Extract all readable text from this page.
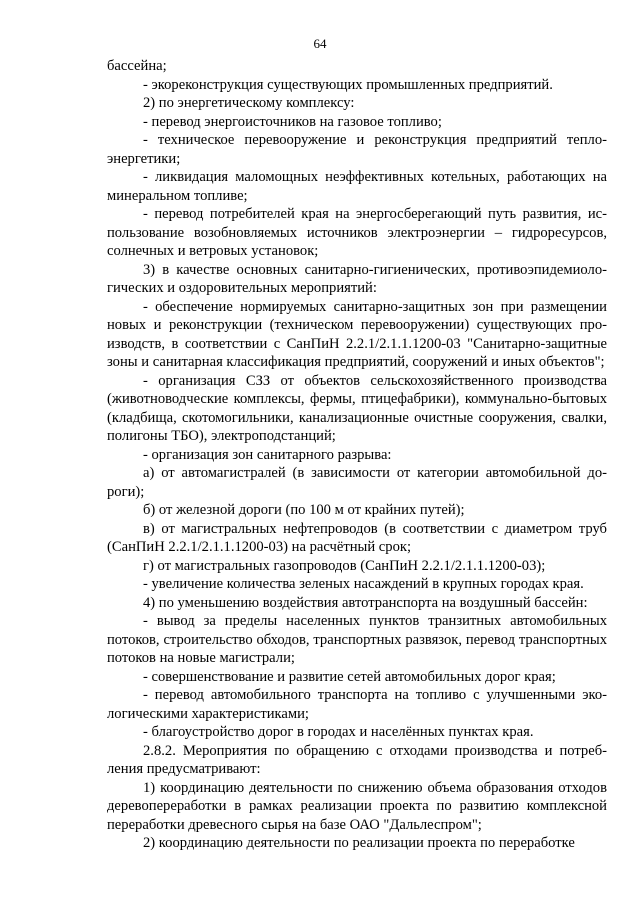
64

бассейна;

- экореконструкция существующих промышленных предприятий.

2) по энергетическому комплексу:

- перевод энергоисточников на газовое топливо;

- техническое перевооружение и реконструкция предприятий теплоэнергетики;

- ликвидация маломощных неэффективных котельных, работающих на минеральном топливе;

- перевод потребителей края на энергосберегающий путь развития, использование возобновляемых источников электроэнергии – гидроресурсов, солнечных и ветровых установок;

3) в качестве основных санитарно-гигиенических, противоэпидемиологических и оздоровительных мероприятий:

- обеспечение нормируемых санитарно-защитных зон при размещении новых и реконструкции (техническом перевооружении) существующих производств, в соответствии с СанПиН 2.2.1/2.1.1.1200-03 "Санитарно-защитные зоны и санитарная классификация предприятий, сооружений и иных объектов";

- организация СЗЗ от объектов сельскохозяйственного производства (животноводческие комплексы, фермы, птицефабрики), коммунально-бытовых (кладбища, скотомогильники, канализационные очистные сооружения, свалки, полигоны ТБО), электроподстанций;

- организация зон санитарного разрыва:

а) от автомагистралей (в зависимости от категории автомобильной дороги);

б) от железной дороги (по 100 м от крайних путей);

в) от магистральных нефтепроводов (в соответствии с диаметром труб (СанПиН 2.2.1/2.1.1.1200-03) на расчётный срок;

г) от магистральных газопроводов (СанПиН 2.2.1/2.1.1.1200-03);

- увеличение количества зеленых насаждений в крупных городах края.

4) по уменьшению воздействия автотранспорта на воздушный бассейн:

- вывод за пределы населенных пунктов транзитных автомобильных потоков, строительство обходов, транспортных развязок, перевод транспортных потоков на новые магистрали;

- совершенствование и развитие сетей автомобильных дорог края;

- перевод автомобильного транспорта на топливо с улучшенными экологическими характеристиками;

- благоустройство дорог в городах и населённых пунктах края.

2.8.2. Мероприятия по обращению с отходами производства и потребления предусматривают:

1) координацию деятельности по снижению объема образования отходов деревопереработки в рамках реализации проекта по развитию комплексной переработки древесного сырья на базе ОАО "Дальлеспром";

2) координацию деятельности по реализации проекта по переработке
